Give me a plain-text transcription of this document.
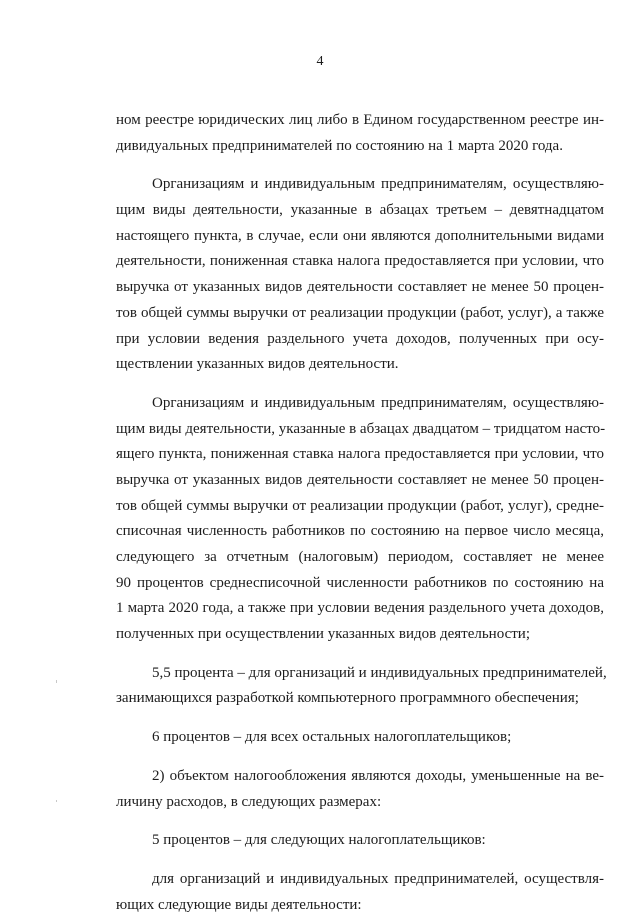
4
ном реестре юридических лиц либо в Едином государственном реестре ин-
дивидуальных предпринимателей по состоянию на 1 марта 2020 года.
Организациям и индивидуальным предпринимателям, осуществляю-
щим виды деятельности, указанные в абзацах третьем – девятнадцатом
настоящего пункта, в случае, если они являются дополнительными видами
деятельности, пониженная ставка налога предоставляется при условии, что
выручка от указанных видов деятельности составляет не менее 50 процен-
тов общей суммы выручки от реализации продукции (работ, услуг), а также
при условии ведения раздельного учета доходов, полученных при осу-
ществлении указанных видов деятельности.
Организациям и индивидуальным предпринимателям, осуществляю-
щим виды деятельности, указанные в абзацах двадцатом – тридцатом насто-
ящего пункта, пониженная ставка налога предоставляется при условии, что
выручка от указанных видов деятельности составляет не менее 50 процен-
тов общей суммы выручки от реализации продукции (работ, услуг), средне-
списочная численность работников по состоянию на первое число месяца,
следующего за отчетным (налоговым) периодом, составляет не менее
90 процентов среднесписочной численности работников по состоянию на
1 марта 2020 года, а также при условии ведения раздельного учета доходов,
полученных при осуществлении указанных видов деятельности;
5,5 процента – для организаций и индивидуальных предпринимателей,
занимающихся разработкой компьютерного программного обеспечения;
6 процентов – для всех остальных налогоплательщиков;
2) объектом налогообложения являются доходы, уменьшенные на ве-
личину расходов, в следующих размерах:
5 процентов – для следующих налогоплательщиков:
для организаций и индивидуальных предпринимателей, осуществля-
ющих следующие виды деятельности:
